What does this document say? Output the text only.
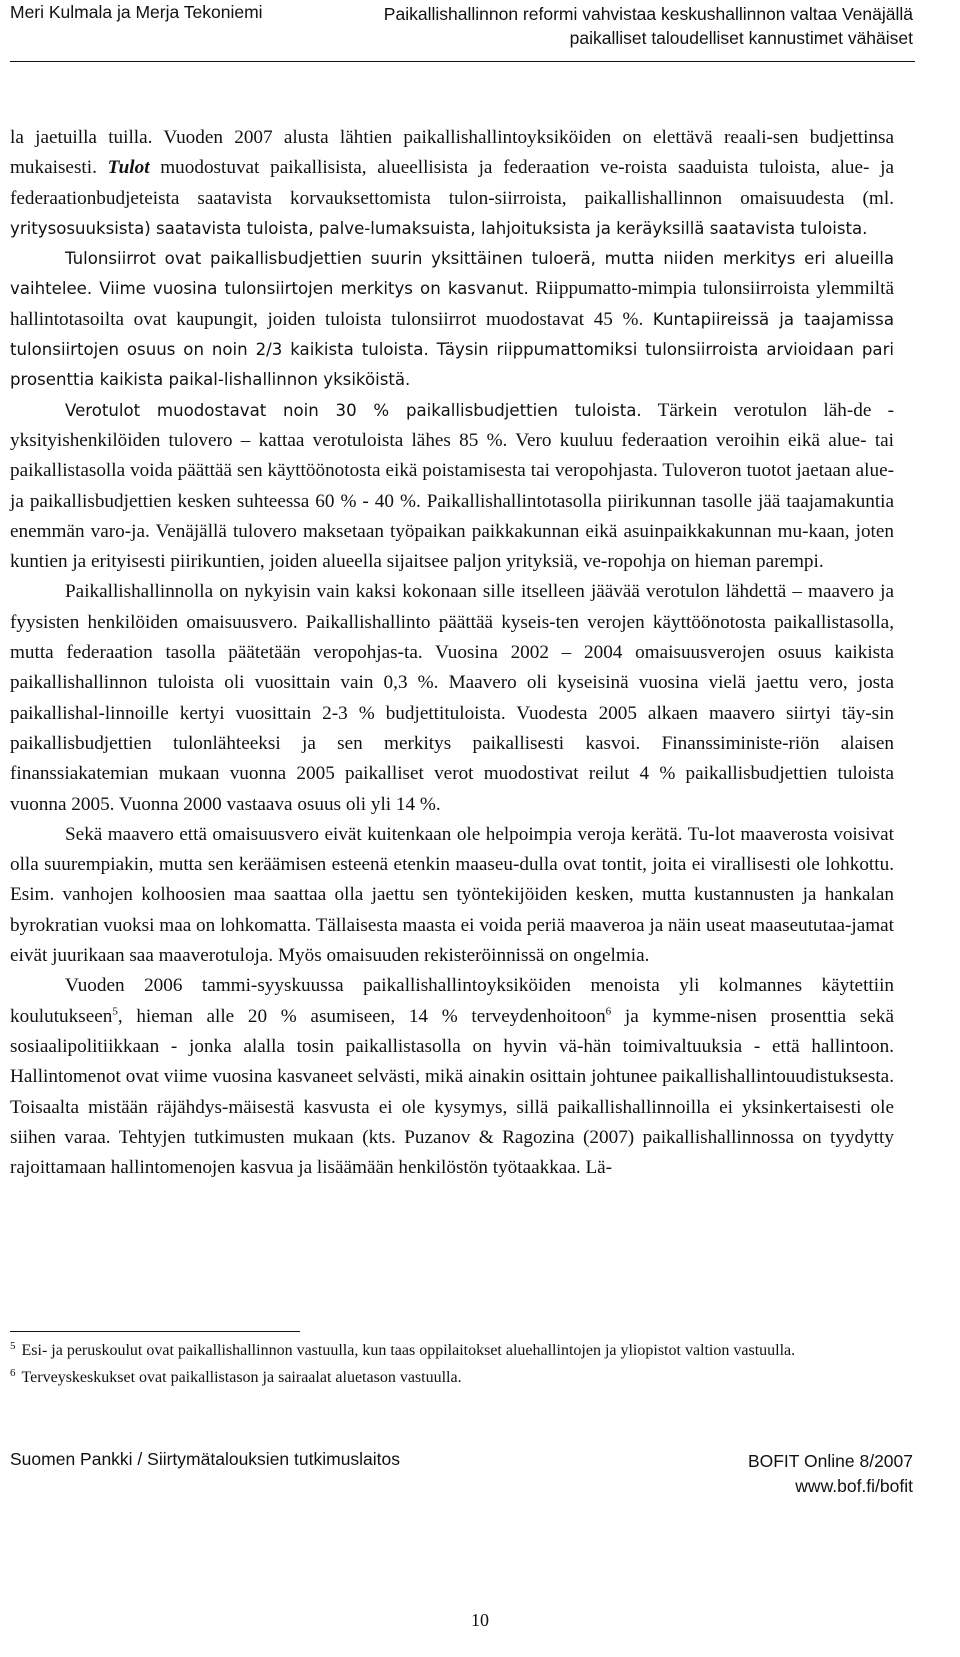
Meri Kulmala ja Merja Tekoniemi	Paikallishallinnon reformi vahvistaa keskushallinnon valtaa Venäjällä
paikalliset taloudelliset kannustimet vähäiset

la jaetuilla tuilla. Vuoden 2007 alusta lähtien paikallishallintoyksiköiden on elettävä reaali-sen budjettinsa mukaisesti. Tulot muodostuvat paikallisista, alueellisista ja federaation ve-roista saaduista tuloista, alue- ja federaationbudjeteista saatavista korvauksettomista tulon-siirroista, paikallishallinnon omaisuudesta (ml. yritysosuuksista) saatavista tuloista, palve-lumaksuista, lahjoituksista ja keräyksillä saatavista tuloista.

Tulonsiirrot ovat paikallisbudjettien suurin yksittäinen tuloerä, mutta niiden merkitys eri alueilla vaihtelee. Viime vuosina tulonsiirtojen merkitys on kasvanut. Riippumatto-mimpia tulonsiirroista ylemmiltä hallintotasoilta ovat kaupungit, joiden tuloista tulonsiirrot muodostavat 45 %. Kuntapiireissä ja taajamissa tulonsiirtojen osuus on noin 2/3 kaikista tuloista. Täysin riippumattomiksi tulonsiirroista arvioidaan pari prosenttia kaikista paikal-lishallinnon yksiköistä.

Verotulot muodostavat noin 30 % paikallisbudjettien tuloista. Tärkein verotulon läh-de - yksityishenkilöiden tulovero – kattaa verotuloista lähes 85 %. Vero kuuluu federaation veroihin eikä alue- tai paikallistasolla voida päättää sen käyttöönotosta eikä poistamisesta tai veropohjasta. Tuloveron tuotot jaetaan alue- ja paikallisbudjettien kesken suhteessa 60 % - 40 %. Paikallishallintotasolla piirikunnan tasolle jää taajamakuntia enemmän varo-ja. Venäjällä tulovero maksetaan työpaikan paikkakunnan eikä asuinpaikkakunnan mu-kaan, joten kuntien ja erityisesti piirikuntien, joiden alueella sijaitsee paljon yrityksiä, ve-ropohja on hieman parempi.

Paikallishallinnolla on nykyisin vain kaksi kokonaan sille itselleen jäävää verotulon lähdettä – maavero ja fyysisten henkilöiden omaisuusvero. Paikallishallinto päättää kyseis-ten verojen käyttöönotosta paikallistasolla, mutta federaation tasolla päätetään veropohjas-ta. Vuosina 2002 – 2004 omaisuusverojen osuus kaikista paikallishallinnon tuloista oli vuosittain vain 0,3 %. Maavero oli kyseisinä vuosina vielä jaettu vero, josta paikallishal-linnoille kertyi vuosittain 2-3 % budjettituloista. Vuodesta 2005 alkaen maavero siirtyi täy-sin paikallisbudjettien tulonlähteeksi ja sen merkitys paikallisesti kasvoi. Finanssiministe-riön alaisen finanssiakatemian mukaan vuonna 2005 paikalliset verot muodostivat reilut 4 % paikallisbudjettien tuloista vuonna 2005. Vuonna 2000 vastaava osuus oli yli 14 %.

Sekä maavero että omaisuusvero eivät kuitenkaan ole helpoimpia veroja kerätä. Tu-lot maaverosta voisivat olla suurempiakin, mutta sen keräämisen esteenä etenkin maaseu-dulla ovat tontit, joita ei virallisesti ole lohkottu. Esim. vanhojen kolhoosien maa saattaa olla jaettu sen työntekijöiden kesken, mutta kustannusten ja hankalan byrokratian vuoksi maa on lohkomatta. Tällaisesta maasta ei voida periä maaveroa ja näin useat maaseututaa-jamat eivät juurikaan saa maaverotuloja. Myös omaisuuden rekisteröinnissä on ongelmia.

Vuoden 2006 tammi-syyskuussa paikallishallintoyksiköiden menoista yli kolmannes käytettiin koulutukseen$^5$, hieman alle 20 % asumiseen, 14 % terveydenhoitoon$^6$ ja kymme-nisen prosenttia sekä sosiaalipolitiikkaan - jonka alalla tosin paikallistasolla on hyvin vä-hän toimivaltuuksia - että hallintoon. Hallintomenot ovat viime vuosina kasvaneet selvästi, mikä ainakin osittain johtunee paikallishallintouudistuksesta. Toisaalta mistään räjähdys-mäisestä kasvusta ei ole kysymys, sillä paikallishallinnoilla ei yksinkertaisesti ole siihen varaa. Tehtyjen tutkimusten mukaan (kts. Puzanov & Ragozina (2007) paikallishallinnossa on tyydytty rajoittamaan hallintomenojen kasvua ja lisäämään henkilöstön työtaakkaa. Lä-

$^5$ Esi- ja peruskoulut ovat paikallishallinnon vastuulla, kun taas oppilaitokset aluehallintojen ja yliopistot valtion vastuulla.

$^6$ Terveyskeskukset ovat paikallistason ja sairaalat aluetason vastuulla.

Suomen Pankki / Siirtymätalouksien tutkimuslaitos	BOFIT Online 8/2007
www.bof.fi/bofit
10
